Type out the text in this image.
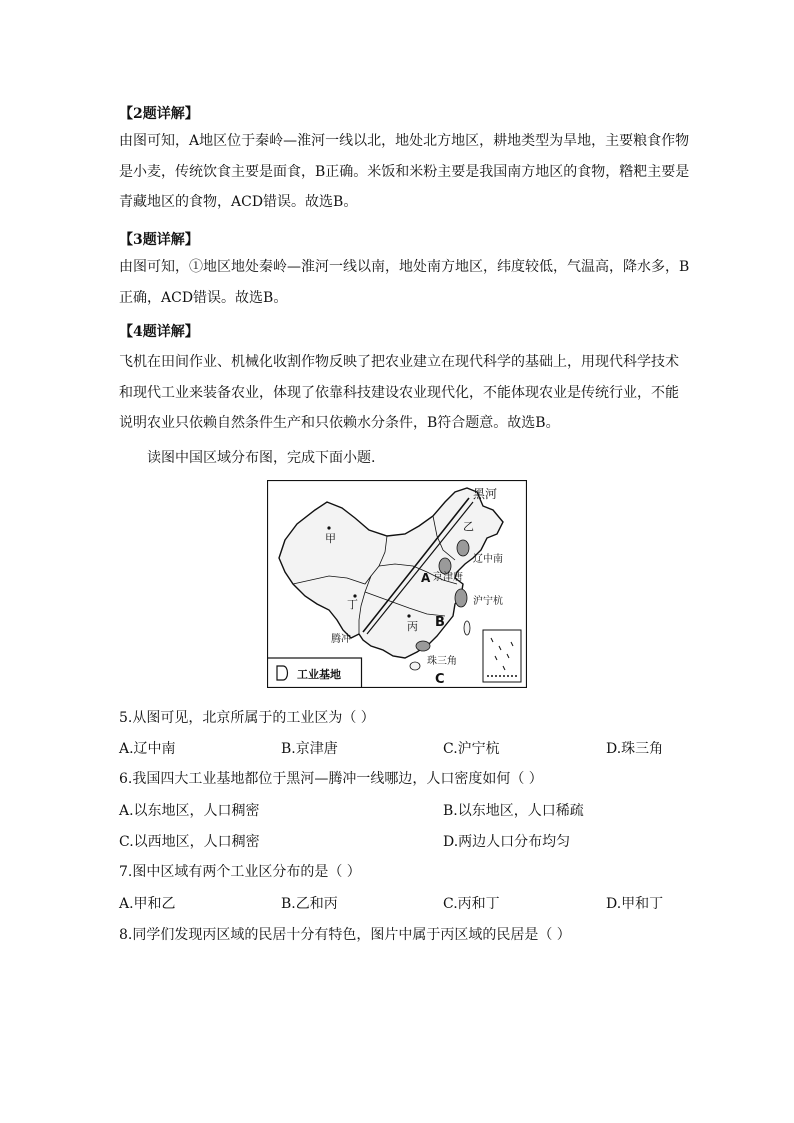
【2题详解】

由图可知，A地区位于秦岭—淮河一线以北，地处北方地区，耕地类型为旱地，主要粮食作物是小麦，传统饮食主要是面食，B正确。米饭和米粉主要是我国南方地区的食物，糌粑主要是青藏地区的食物，ACD错误。故选B。

【3题详解】

由图可知，①地区地处秦岭—淮河一线以南，地处南方地区，纬度较低，气温高，降水多，B正确，ACD错误。故选B。

【4题详解】

飞机在田间作业、机械化收割作物反映了把农业建立在现代科学的基础上，用现代科学技术和现代工业来装备农业，体现了依靠科技建设农业现代化，不能体现农业是传统行业，不能说明农业只依赖自然条件生产和只依赖水分条件，B符合题意。故选B。

读图中国区域分布图，完成下面小题.
黑河
甲
乙
辽中南
A 京津唐
沪宁杭
丁
丙 B
腾冲
珠三角
C
工业基地
5.从图可见，北京所属于的工业区为（ ）
A.辽中南	B.京津唐	C.沪宁杭	D.珠三角
6.我国四大工业基地都位于黑河—腾冲一线哪边，人口密度如何（ ）
A.以东地区，人口稠密	B.以东地区，人口稀疏
C.以西地区，人口稠密	D.两边人口分布均匀
7.图中区域有两个工业区分布的是（ ）
A.甲和乙	B.乙和丙	C.丙和丁	D.甲和丁
8.同学们发现丙区域的民居十分有特色，图片中属于丙区域的民居是（ ）
